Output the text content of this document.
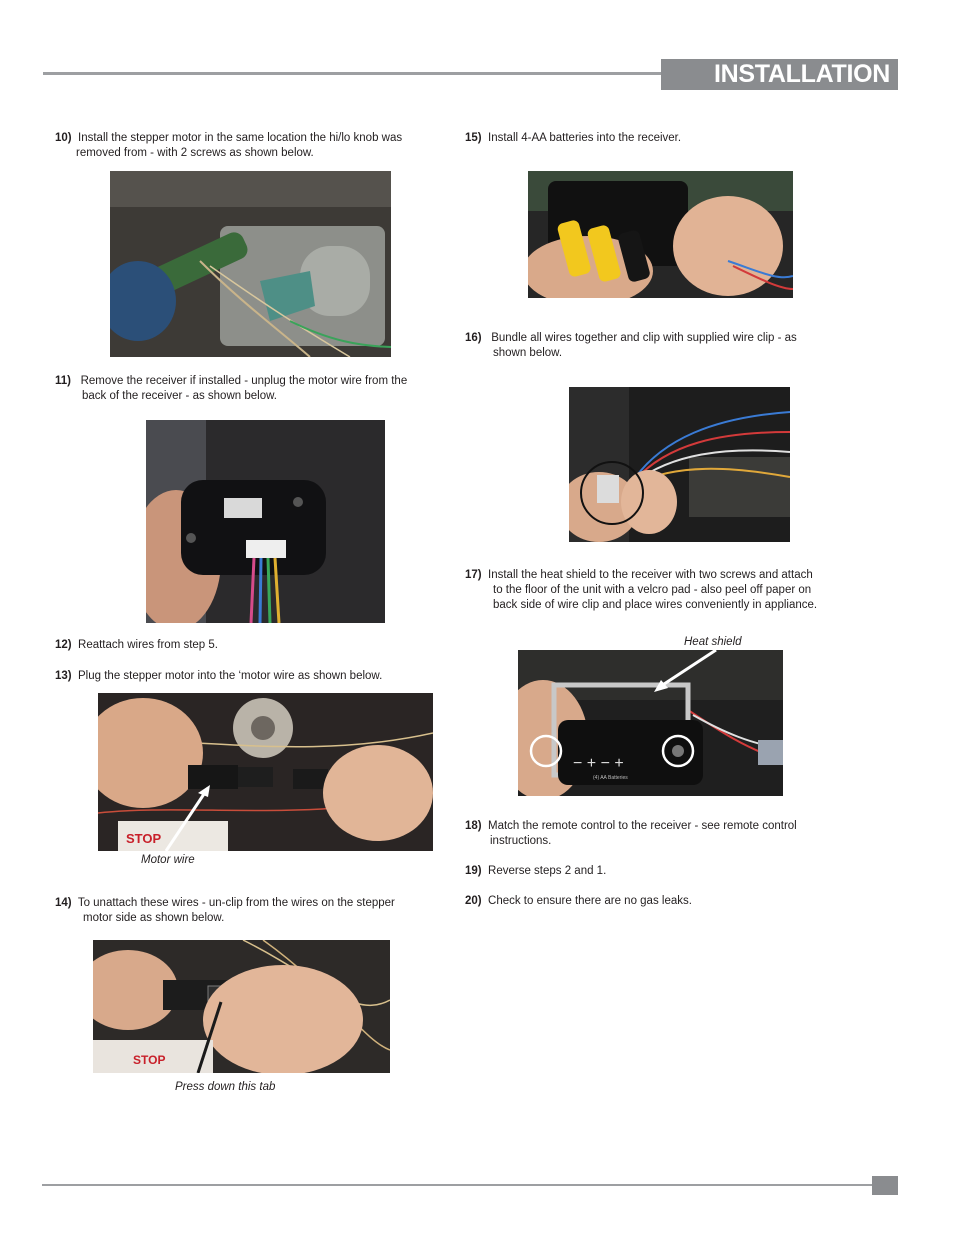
INSTALLATION

10) Install the stepper motor in the same location the hi/lo knob was
removed from - with 2 screws as shown below.

11) Remove the receiver if installed - unplug the motor wire from the
back of the receiver - as shown below.

12) Reattach wires from step 5.

13) Plug the stepper motor into the ‘motor wire as shown below.

STOP
Motor wire

14) To unattach these wires - un-clip from the wires on the stepper
motor side as shown below.

STOP
Press down this tab

15) Install 4-AA batteries into the receiver.

16) Bundle all wires together and clip with supplied wire clip - as
shown below.

17) Install the heat shield to the receiver with two screws and attach
to the floor of the unit with a velcro pad - also peel off paper on
back side of wire clip and place wires conveniently in appliance.

Heat shield
− + − +
(4) AA Batteries

18) Match the remote control to the receiver - see remote control
instructions.

19) Reverse steps 2 and 1.

20) Check to ensure there are no gas leaks.
